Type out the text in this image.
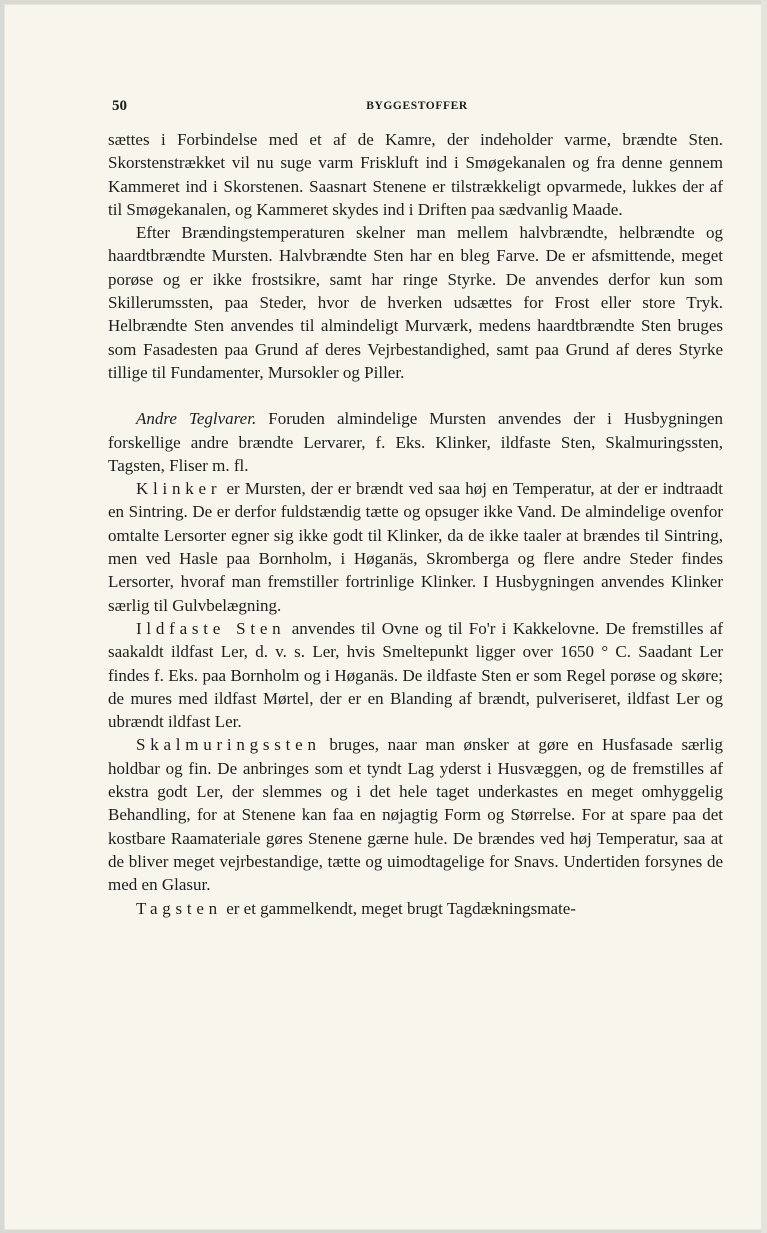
50	BYGGESTOFFER

sættes i Forbindelse med et af de Kamre, der indeholder varme, brændte Sten. Skorstenstrækket vil nu suge varm Friskluft ind i Smøgekanalen og fra denne gennem Kammeret ind i Skorstenen. Saasnart Stenene er tilstrækkeligt opvarmede, lukkes der af til Smøgekanalen, og Kammeret skydes ind i Driften paa sædvanlig Maade.

Efter Brændingstemperaturen skelner man mellem halvbrændte, helbrændte og haardtbrændte Mursten. Halvbrændte Sten har en bleg Farve. De er afsmittende, meget porøse og er ikke frostsikre, samt har ringe Styrke. De anvendes derfor kun som Skillerumssten, paa Steder, hvor de hverken udsættes for Frost eller store Tryk. Helbrændte Sten anvendes til almindeligt Murværk, medens haardtbrændte Sten bruges som Fasadesten paa Grund af deres Vejrbestandighed, samt paa Grund af deres Styrke tillige til Fundamenter, Mursokler og Piller.

Andre Teglvarer. Foruden almindelige Mursten anvendes der i Husbygningen forskellige andre brændte Lervarer, f. Eks. Klinker, ildfaste Sten, Skalmuringssten, Tagsten, Fliser m. fl.

Klinker er Mursten, der er brændt ved saa høj en Temperatur, at der er indtraadt en Sintring. De er derfor fuldstændig tætte og opsuger ikke Vand. De almindelige ovenfor omtalte Lersorter egner sig ikke godt til Klinker, da de ikke taaler at brændes til Sintring, men ved Hasle paa Bornholm, i Høganäs, Skromberga og flere andre Steder findes Lersorter, hvoraf man fremstiller fortrinlige Klinker. I Husbygningen anvendes Klinker særlig til Gulvbelægning.

Ildfaste Sten anvendes til Ovne og til Fo'r i Kakkelovne. De fremstilles af saakaldt ildfast Ler, d. v. s. Ler, hvis Smeltepunkt ligger over 1650 ° C. Saadant Ler findes f. Eks. paa Bornholm og i Høganäs. De ildfaste Sten er som Regel porøse og skøre; de mures med ildfast Mørtel, der er en Blanding af brændt, pulveriseret, ildfast Ler og ubrændt ildfast Ler.

Skalmuringssten bruges, naar man ønsker at gøre en Husfasade særlig holdbar og fin. De anbringes som et tyndt Lag yderst i Husvæggen, og de fremstilles af ekstra godt Ler, der slemmes og i det hele taget underkastes en meget omhyggelig Behandling, for at Stenene kan faa en nøjagtig Form og Størrelse. For at spare paa det kostbare Raamateriale gøres Stenene gærne hule. De brændes ved høj Temperatur, saa at de bliver meget vejrbestandige, tætte og uimodtagelige for Snavs. Undertiden forsynes de med en Glasur.

Tagsten er et gammelkendt, meget brugt Tagdækningsmate-
